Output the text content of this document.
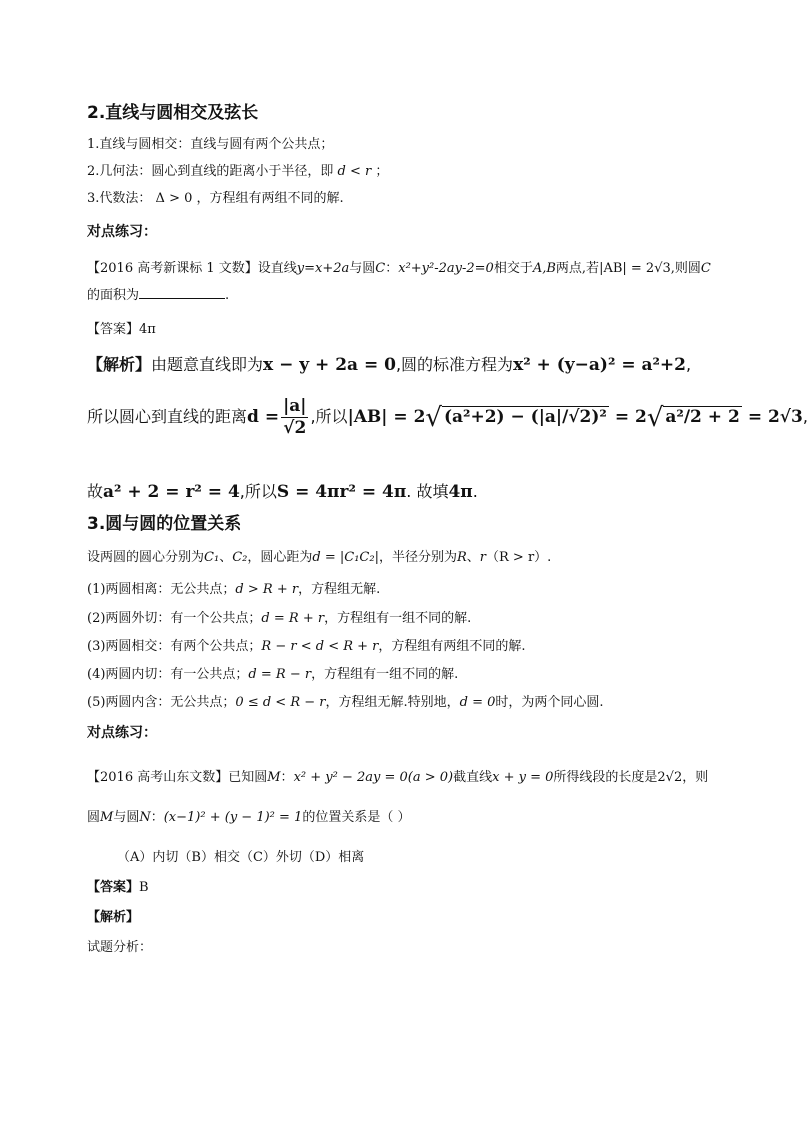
2.直线与圆相交及弦长
1.直线与圆相交：直线与圆有两个公共点；
2.几何法：圆心到直线的距离小于半径，即 d < r ；
3.代数法： Δ > 0 ，方程组有两组不同的解.
对点练习：
【2016 高考新课标 1 文数】设直线y=x+2a与圆C：x²+y²-2ay-2=0相交于A,B两点,若|AB| = 2√3,则圆C
的面积为	.
【答案】4π
【解析】由题意直线即为x − y + 2a = 0,圆的标准方程为x² + (y−a)² = a²+2,
所以圆心到直线的距离$d = \frac{|a|}{√2}$ ,所以|AB| = 2√ (a²+2) − (|a|/√2)² = 2√ a²/2 + 2 = 2√3,
故a² + 2 = r² = 4,所以S = 4πr² = 4π. 故填4π.
3.圆与圆的位置关系
设两圆的圆心分别为C₁、C₂，圆心距为d = |C₁C₂|，半径分别为R、r（R > r）.
(1)两圆相离：无公共点；d > R + r，方程组无解.
(2)两圆外切：有一个公共点；d = R + r，方程组有一组不同的解.
(3)两圆相交：有两个公共点；R − r < d < R + r，方程组有两组不同的解.
(4)两圆内切：有一公共点；d = R − r，方程组有一组不同的解.
(5)两圆内含：无公共点；0 ≤ d < R − r，方程组无解.特别地，d = 0时，为两个同心圆.
对点练习：
【2016 高考山东文数】已知圆M：x² + y² − 2ay = 0(a > 0)截直线x + y = 0所得线段的长度是2√2，则
圆M与圆N：(x−1)² + (y − 1)² = 1的位置关系是（ ）
（A）内切（B）相交（C）外切（D）相离
【答案】B
【解析】
试题分析：
